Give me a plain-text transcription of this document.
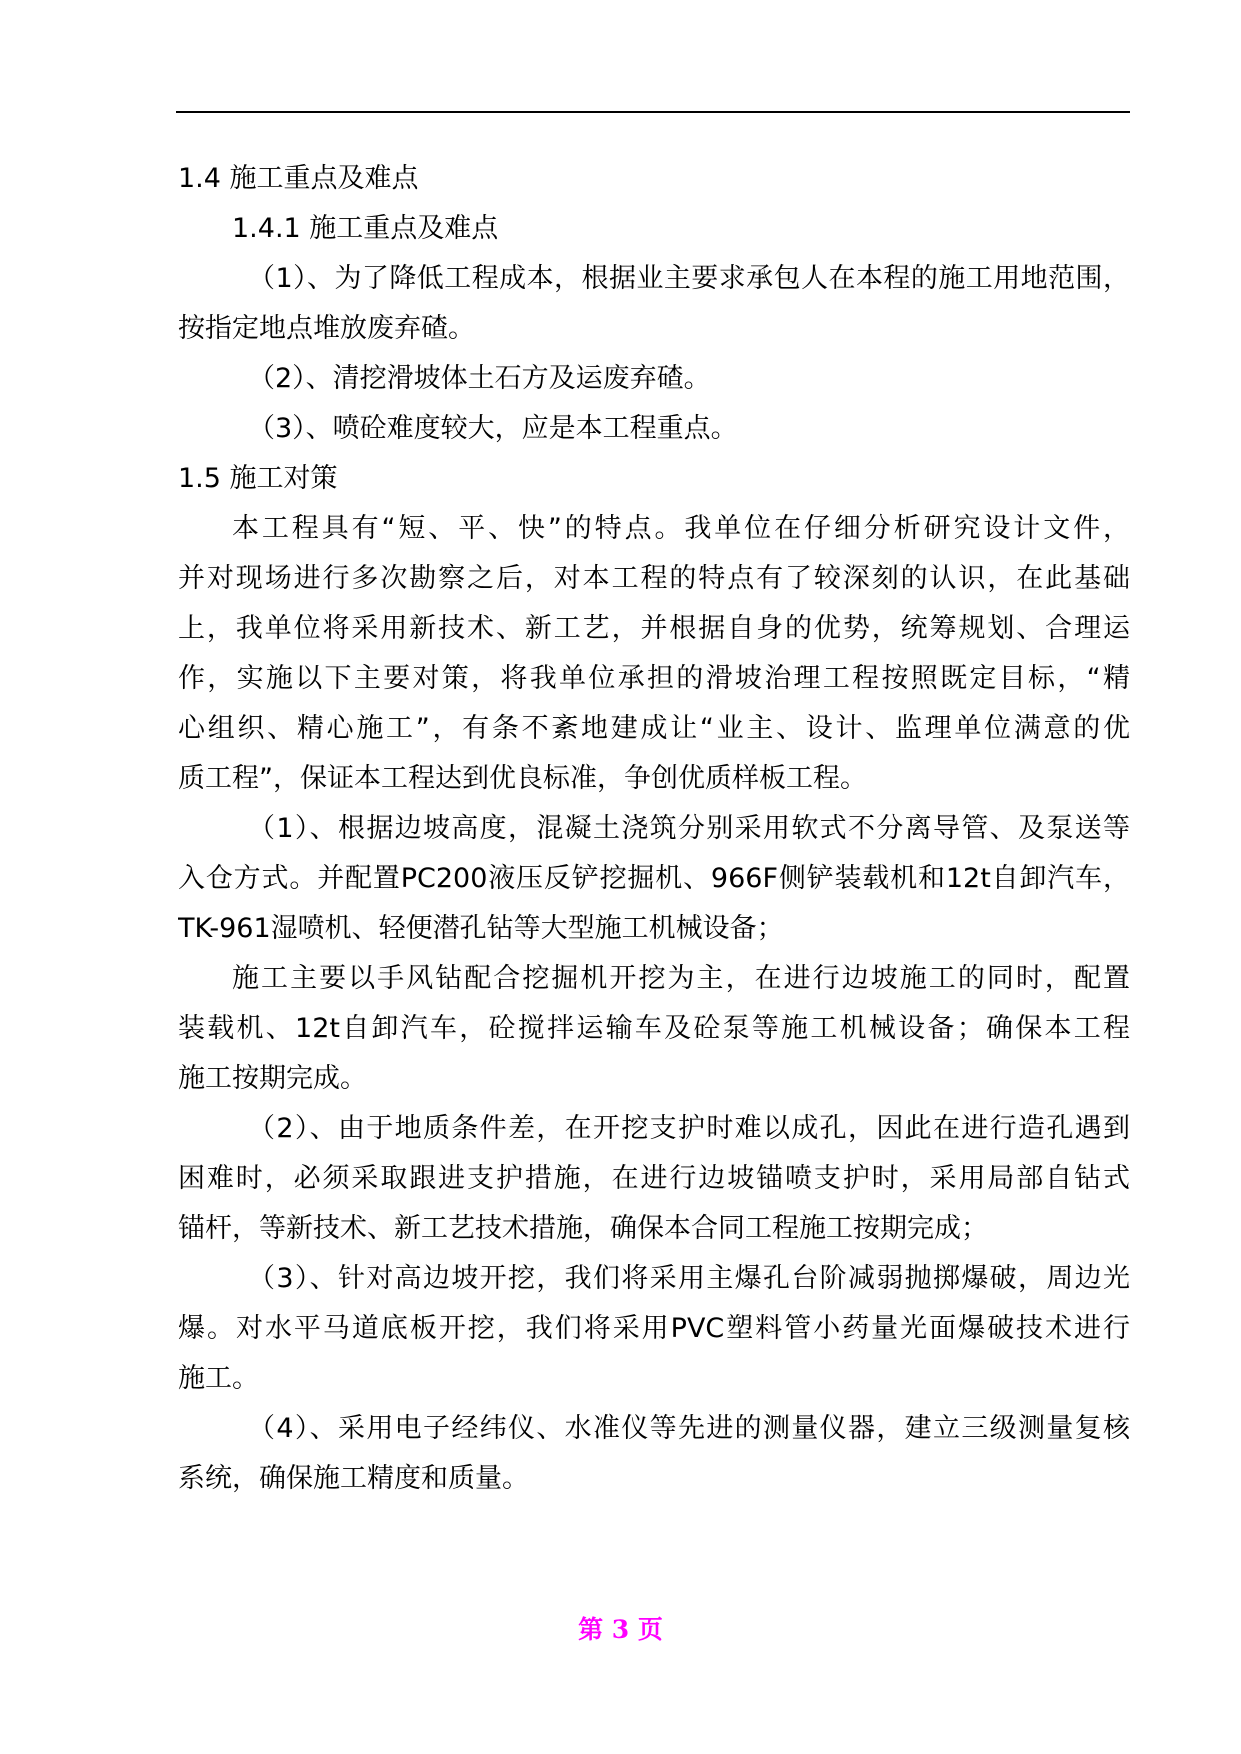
1.4 施工重点及难点
1.4.1 施工重点及难点
（1）、为了降低工程成本，根据业主要求承包人在本程的施工用地范围，
按指定地点堆放废弃碴。
（2）、清挖滑坡体土石方及运废弃碴。
（3）、喷砼难度较大，应是本工程重点。
1.5 施工对策
本工程具有“短、平、快”的特点。我单位在仔细分析研究设计文件，
并对现场进行多次勘察之后，对本工程的特点有了较深刻的认识，在此基础
上，我单位将采用新技术、新工艺，并根据自身的优势，统筹规划、合理运
作，实施以下主要对策，将我单位承担的滑坡治理工程按照既定目标，“精
心组织、精心施工”，有条不紊地建成让“业主、设计、监理单位满意的优
质工程”，保证本工程达到优良标准，争创优质样板工程。
（1）、根据边坡高度，混凝土浇筑分别采用软式不分离导管、及泵送等
入仓方式。并配置PC200液压反铲挖掘机、966F侧铲装载机和12t自卸汽车，
TK-961湿喷机、轻便潜孔钻等大型施工机械设备；
施工主要以手风钻配合挖掘机开挖为主，在进行边坡施工的同时，配置
装载机、12t自卸汽车，砼搅拌运输车及砼泵等施工机械设备；确保本工程
施工按期完成。
（2）、由于地质条件差，在开挖支护时难以成孔，因此在进行造孔遇到
困难时，必须采取跟进支护措施，在进行边坡锚喷支护时，采用局部自钻式
锚杆，等新技术、新工艺技术措施，确保本合同工程施工按期完成；
（3）、针对高边坡开挖，我们将采用主爆孔台阶减弱抛掷爆破，周边光
爆。对水平马道底板开挖，我们将采用PVC塑料管小药量光面爆破技术进行
施工。
（4）、采用电子经纬仪、水准仪等先进的测量仪器，建立三级测量复核
系统，确保施工精度和质量。
第 3 页
